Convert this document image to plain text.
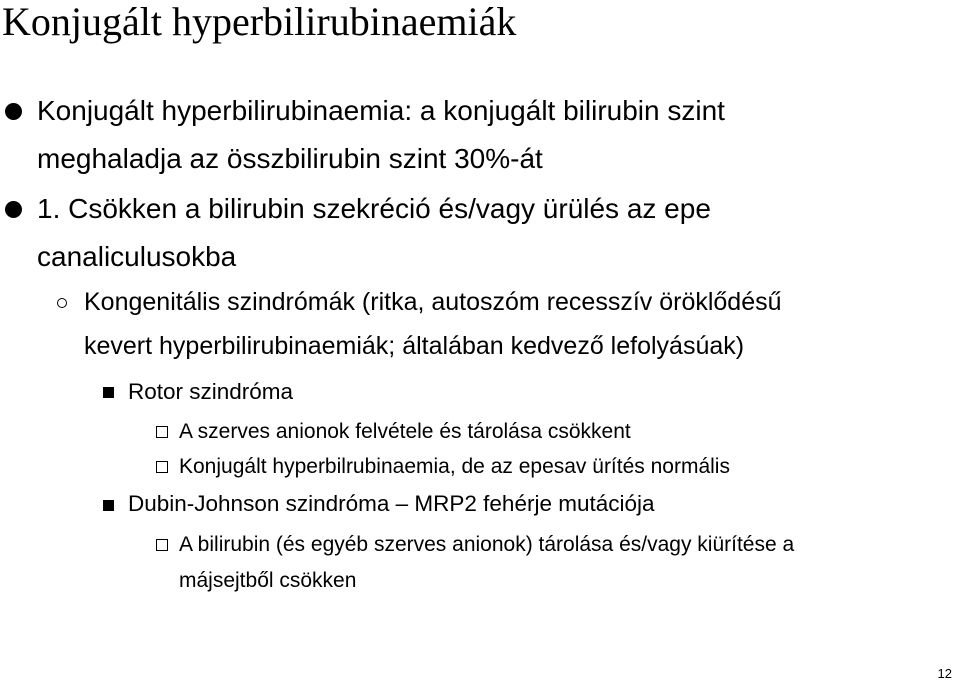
Konjugált hyperbilirubinaemiák
Konjugált hyperbilirubinaemia: a konjugált bilirubin szint
meghaladja az összbilirubin szint 30%-át
1. Csökken a bilirubin szekréció és/vagy ürülés az epe
canaliculusokba
Kongenitális szindrómák (ritka, autoszóm recesszív öröklődésű
kevert hyperbilirubinaemiák; általában kedvező lefolyásúak)
Rotor szindróma
A szerves anionok felvétele és tárolása csökkent
Konjugált hyperbilrubinaemia, de az epesav ürítés normális
Dubin-Johnson szindróma – MRP2 fehérje mutációja
A bilirubin (és egyéb szerves anionok) tárolása és/vagy kiürítése a
májsejtből csökken
12
